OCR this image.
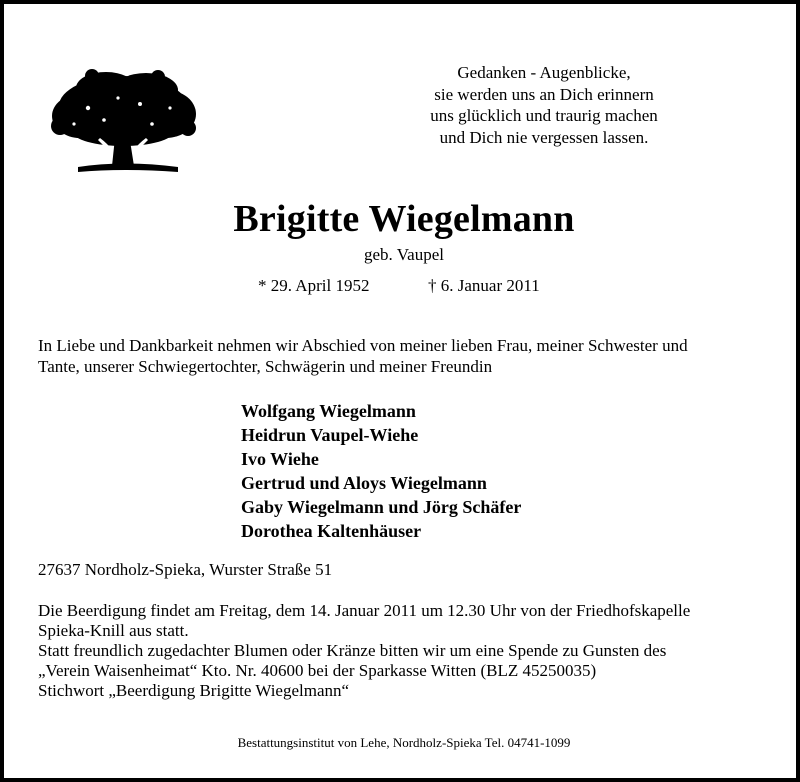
Gedanken - Augenblicke,
sie werden uns an Dich erinnern
uns glücklich und traurig machen
und Dich nie vergessen lassen.
Brigitte Wiegelmann
geb. Vaupel
* 29. April 1952	† 6. Januar 2011
In Liebe und Dankbarkeit nehmen wir Abschied von meiner lieben Frau, meiner Schwester und
Tante, unserer Schwiegertochter, Schwägerin und meiner Freundin
Wolfgang Wiegelmann
Heidrun Vaupel-Wiehe
Ivo Wiehe
Gertrud und Aloys Wiegelmann
Gaby Wiegelmann und Jörg Schäfer
Dorothea Kaltenhäuser
27637 Nordholz-Spieka, Wurster Straße 51

Die Beerdigung findet am Freitag, dem 14. Januar 2011 um 12.30 Uhr von der Friedhofskapelle

Spieka-Knill aus statt.

Statt freundlich zugedachter Blumen oder Kränze bitten wir um eine Spende zu Gunsten des

„Verein Waisenheimat“ Kto. Nr. 40600 bei der Sparkasse Witten (BLZ 45250035)

Stichwort „Beerdigung Brigitte Wiegelmann“

Bestattungsinstitut von Lehe, Nordholz-Spieka Tel. 04741-1099
